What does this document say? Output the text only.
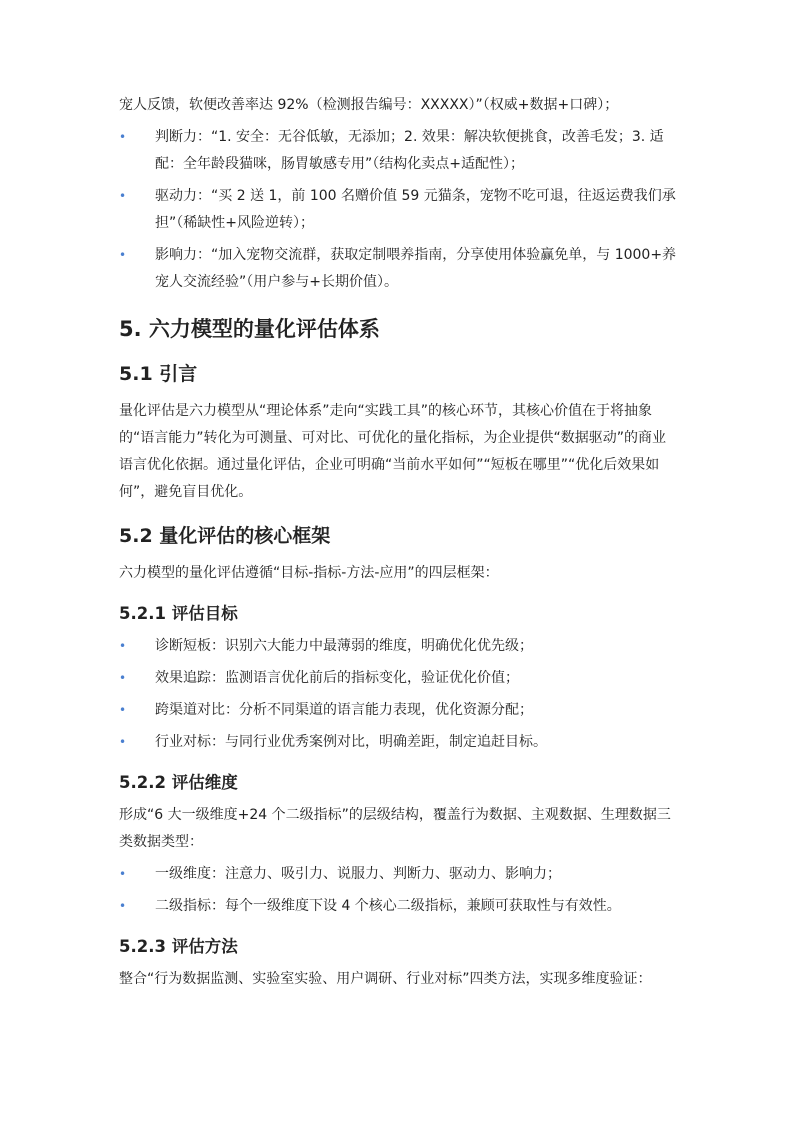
宠人反馈，软便改善率达 92%（检测报告编号：XXXXX）”（权威+数据+口碑）；

• 判断力：“1. 安全：无谷低敏，无添加；2. 效果：解决软便挑食，改善毛发；3. 适配：全年龄段猫咪，肠胃敏感专用”（结构化卖点+适配性）；
• 驱动力：“买 2 送 1，前 100 名赠价值 59 元猫条，宠物不吃可退，往返运费我们承担”（稀缺性+风险逆转）；
• 影响力：“加入宠物交流群，获取定制喂养指南，分享使用体验赢免单，与 1000+养宠人交流经验”（用户参与+长期价值）。
5. 六力模型的量化评估体系
5.1 引言

量化评估是六力模型从“理论体系”走向“实践工具”的核心环节，其核心价值在于将抽象的“语言能力”转化为可测量、可对比、可优化的量化指标，为企业提供“数据驱动”的商业语言优化依据。通过量化评估，企业可明确“当前水平如何”“短板在哪里”“优化后效果如何”，避免盲目优化。

5.2 量化评估的核心框架

六力模型的量化评估遵循“目标-指标-方法-应用”的四层框架：

5.2.1 评估目标
• 诊断短板：识别六大能力中最薄弱的维度，明确优化优先级；
• 效果追踪：监测语言优化前后的指标变化，验证优化价值；
• 跨渠道对比：分析不同渠道的语言能力表现，优化资源分配；
• 行业对标：与同行业优秀案例对比，明确差距，制定追赶目标。
5.2.2 评估维度

形成“6 大一级维度+24 个二级指标”的层级结构，覆盖行为数据、主观数据、生理数据三类数据类型：

• 一级维度：注意力、吸引力、说服力、判断力、驱动力、影响力；
• 二级指标：每个一级维度下设 4 个核心二级指标，兼顾可获取性与有效性。
5.2.3 评估方法

整合“行为数据监测、实验室实验、用户调研、行业对标”四类方法，实现多维度验证：
